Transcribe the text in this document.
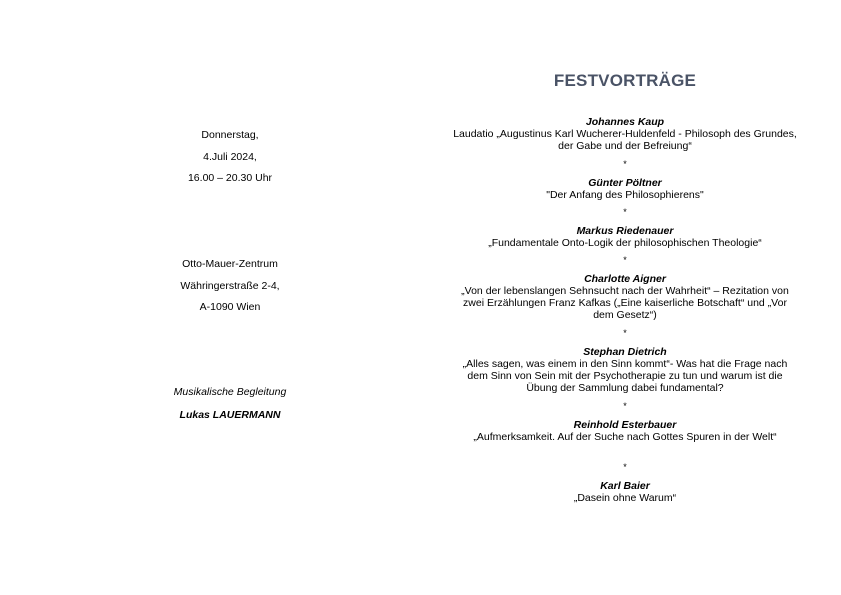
Donnerstag,
4.Juli 2024,
16.00 – 20.30 Uhr
Otto-Mauer-Zentrum
Währingerstraße 2-4,
A-1090 Wien
Musikalische Begleitung
Lukas LAUERMANN
FESTVORTRÄGE
Johannes Kaup
Laudatio „Augustinus Karl Wucherer-Huldenfeld - Philosoph des Grundes, der Gabe und der Befreiung“
*
Günter Pöltner
"Der Anfang des Philosophierens"
*
Markus Riedenauer
„Fundamentale Onto-Logik der philosophischen Theologie“
*
Charlotte Aigner
„Von der lebenslangen Sehnsucht nach der Wahrheit“ – Rezitation von zwei Erzählungen Franz Kafkas („Eine kaiserliche Botschaft“ und „Vor dem Gesetz“)
*
Stephan Dietrich
„Alles sagen, was einem in den Sinn kommt“- Was hat die Frage nach dem Sinn von Sein mit der Psychotherapie zu tun und warum ist die Übung der Sammlung dabei fundamental?
*
Reinhold Esterbauer
„Aufmerksamkeit. Auf der Suche nach Gottes Spuren in der Welt“
*
Karl Baier
„Dasein ohne Warum“
